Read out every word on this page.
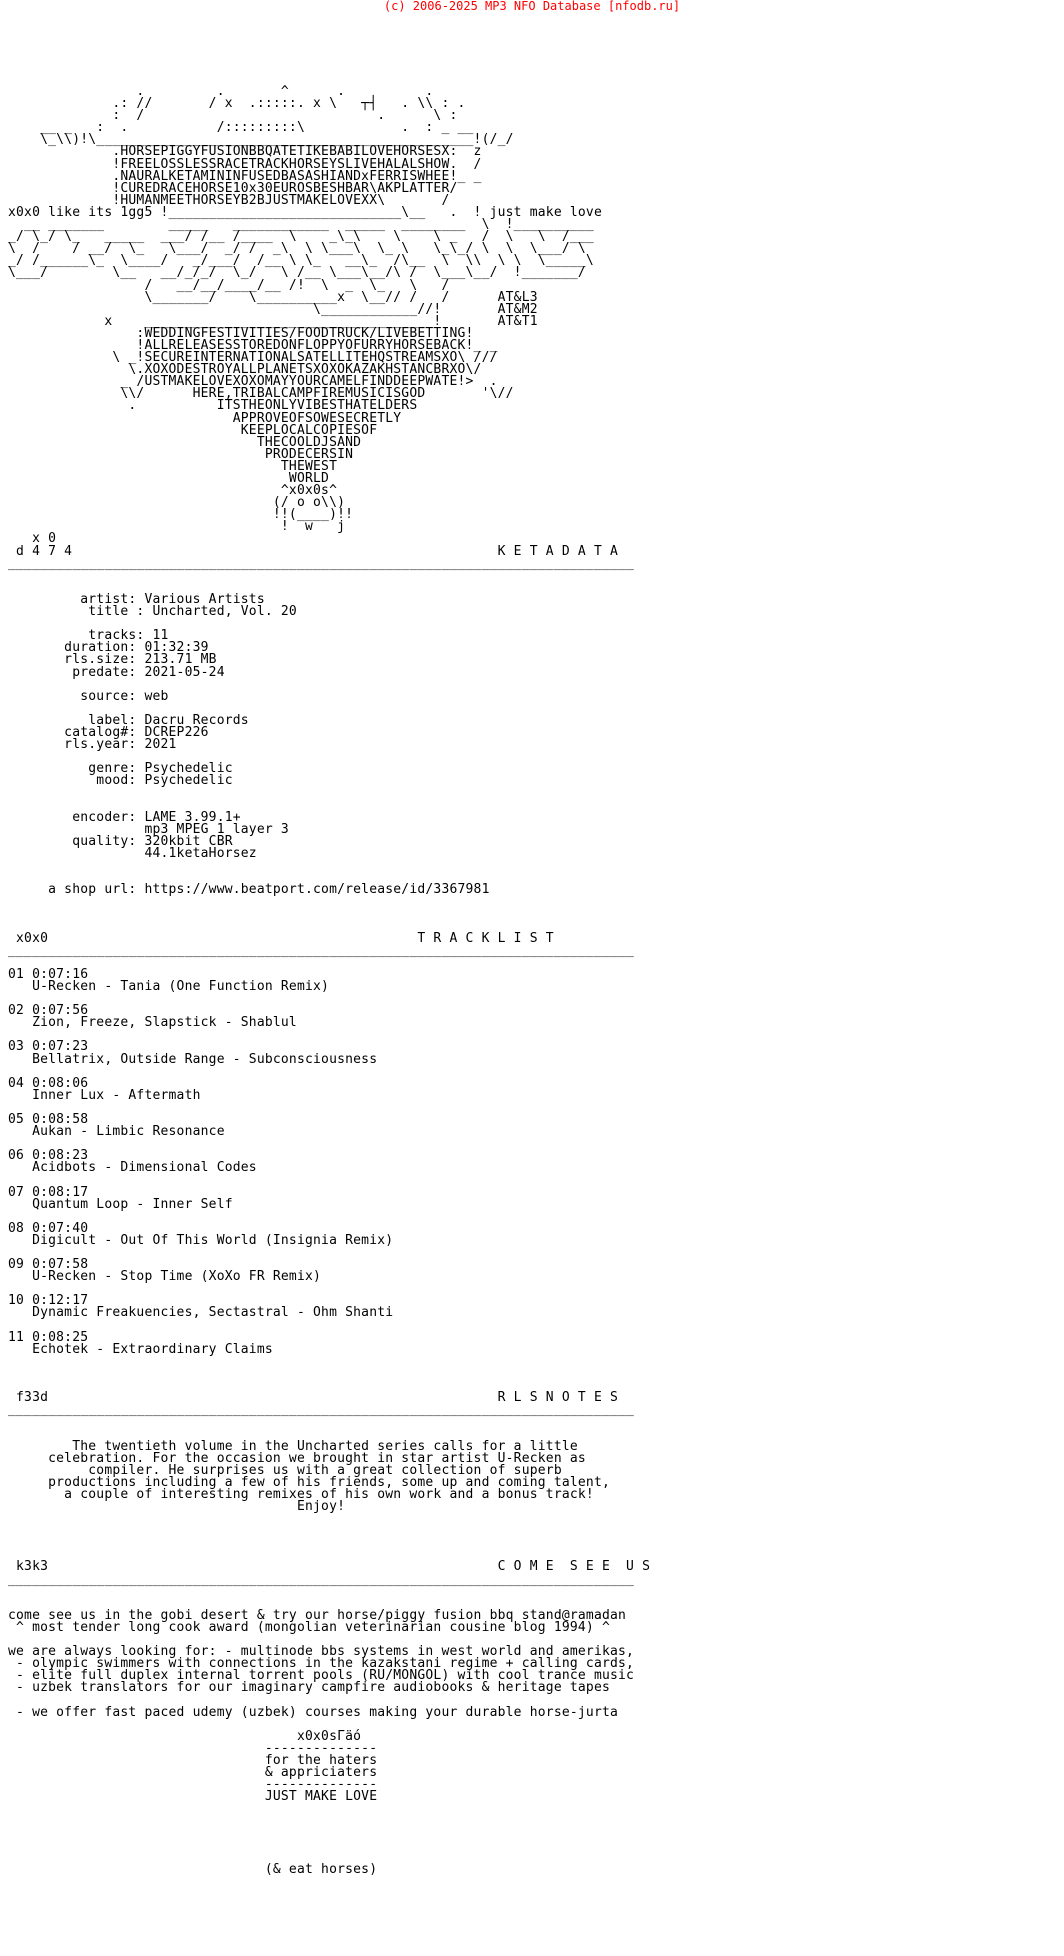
(c) 2006-2025 MP3 NFO Database [nfodb.ru]
.         .       ^      .          .
.: //       / x  .:::::. x \   ┬┤   . \\ : .
:  /                             .      \ :
__ _   :  .           /:::::::::\            .  : _ __
\_\\)!\_______________________________________________!(/_/
.HORSEPIGGYFUSIONBBQATETIKEBABILOVEHORSESX:  z
!FREELOSSLESSRACETRACKHORSEYSLIVEHALALSHOW.  /
.NAURALKETAMININFUSEDBASASHIANDxFERRISWHEE!_ _
!CUREDRACEHORSE10x30EUROSBESHBAR\AKPLATTER/
!HUMANMEETHORSEYB2BJUSTMAKELOVEXX\       /
x0x0 like its 1gg5 !_____________________________\__   .  ! just make love
__ _______        _____   ____________  _____  ________  \  !__________
_/ \_/ \_   _____  ___/ /__ /____  \    _\_\    \    \ _   /  \   \  /___
\  /    / __/  \_   \___/  _/ /  _\  \ \___\  \_ \   \_\_/ \  \  \___/ \
_/ /______\_  \____/   _/___/  /__ \ \_   __\_  /\__  \  \\  \ \  \_____\
\___/        \__   __/_/_/  \_/   \ /__ \___\__/\ /  \___\__/  !_______/
/   __/__/____/__ /!  \  _  \_   \   /
\_______/    \__________x  \__// /   /      AT&L3
\____________//!       AT&M2
x    ___________________________________ !       AT&T1
:WEDDINGFESTIVITIES/FOODTRUCK/LIVEBETTING!
!ALLRELEASESSTOREDONFLOPPYOFURRYHORSEBACK!_ _
\ _!SECUREINTERNATIONALSATELLITEHQSTREAMSXO\ ///
\.XOXODESTROYALLPLANETSXOXOKAZAKHSTANCBRXO\/
_ /USTMAKELOVEXOXOMAYYOURCAMELFINDDEEPWATE!>  .
\\/      HERE,TRIBALCAMPFIREMUSICISGOD       '\//
.          ITSTHEONLYVIBESTHATELDERS
APPROVEOFSOWESECRETLY
KEEPLOCALCOPIESOF
THECOOLDJSAND
PRODECERSIN
THEWEST
WORLD
^x0x0s^
(/ o o\\)
!!(____)!!
!  w   j
x 0
d 4 7 4                                                     K E T A D A T A
______________________________________________________________________________

artist: Various Artists
title : Uncharted, Vol. 20

tracks: 11
duration: 01:32:39
rls.size: 213.71 MB
predate: 2021-05-24

source: web

label: Dacru Records
catalog#: DCREP226
rls.year: 2021

genre: Psychedelic
mood: Psychedelic

encoder: LAME 3.99.1+
mp3 MPEG 1 layer 3
quality: 320kbit CBR
44.1ketaHorsez

a shop url: https://www.beatport.com/release/id/3367981

x0x0                                              T R A C K L I S T
______________________________________________________________________________

01 0:07:16
U-Recken - Tania (One Function Remix)

02 0:07:56
Zion, Freeze, Slapstick - Shablul

03 0:07:23
Bellatrix, Outside Range - Subconsciousness

04 0:08:06
Inner Lux - Aftermath

05 0:08:58
Aukan - Limbic Resonance

06 0:08:23
Acidbots - Dimensional Codes

07 0:08:17
Quantum Loop - Inner Self

08 0:07:40
Digicult - Out Of This World (Insignia Remix)

09 0:07:58
U-Recken - Stop Time (XoXo FR Remix)

10 0:12:17
Dynamic Freakuencies, Sectastral - Ohm Shanti

11 0:08:25
Echotek - Extraordinary Claims

f33d                                                        R L S N O T E S
______________________________________________________________________________

The twentieth volume in the Uncharted series calls for a little
celebration. For the occasion we brought in star artist U-Recken as
compiler. He surprises us with a great collection of superb
productions including a few of his friends, some up and coming talent,
a couple of interesting remixes of his own work and a bonus track!
Enjoy!

k3k3                                                        C O M E  S E E  U S
______________________________________________________________________________

come see us in the gobi desert & try our horse/piggy fusion bbq stand@ramadan
^ most tender long cook award (mongolian veterinarian cousine blog 1994) ^

we are always looking for: - multinode bbs systems in west world and amerikas,
- olympic swimmers with connections in the kazakstani regime + calling cards,
- elite full duplex internal torrent pools (RU/MONGOL) with cool trance music
- uzbek translators for our imaginary campfire audiobooks & heritage tapes

- we offer fast paced udemy (uzbek) courses making your durable horse-jurta

x0x0sГäó
--------------
for the haters
& appriciaters
--------------
JUST MAKE LOVE

(& eat horses)
